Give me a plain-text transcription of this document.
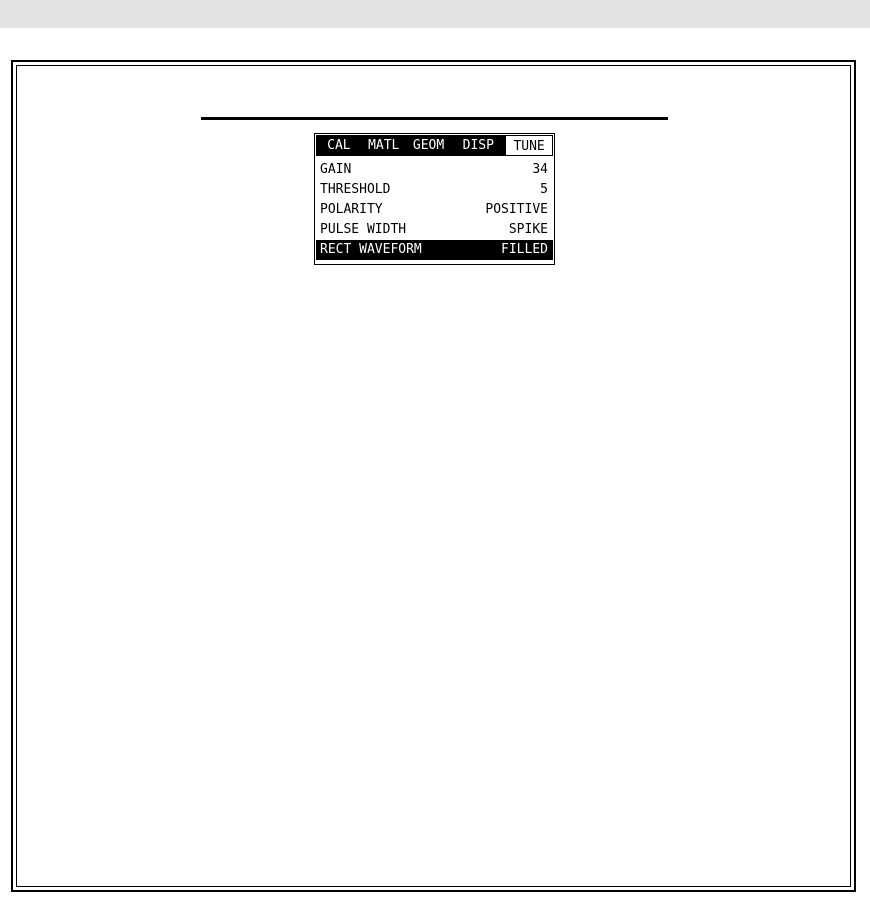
CAL	MATL	GEOM	DISP	TUNE
GAIN	34
THRESHOLD	5
POLARITY	POSITIVE
PULSE WIDTH	SPIKE
RECT WAVEFORM	FILLED
